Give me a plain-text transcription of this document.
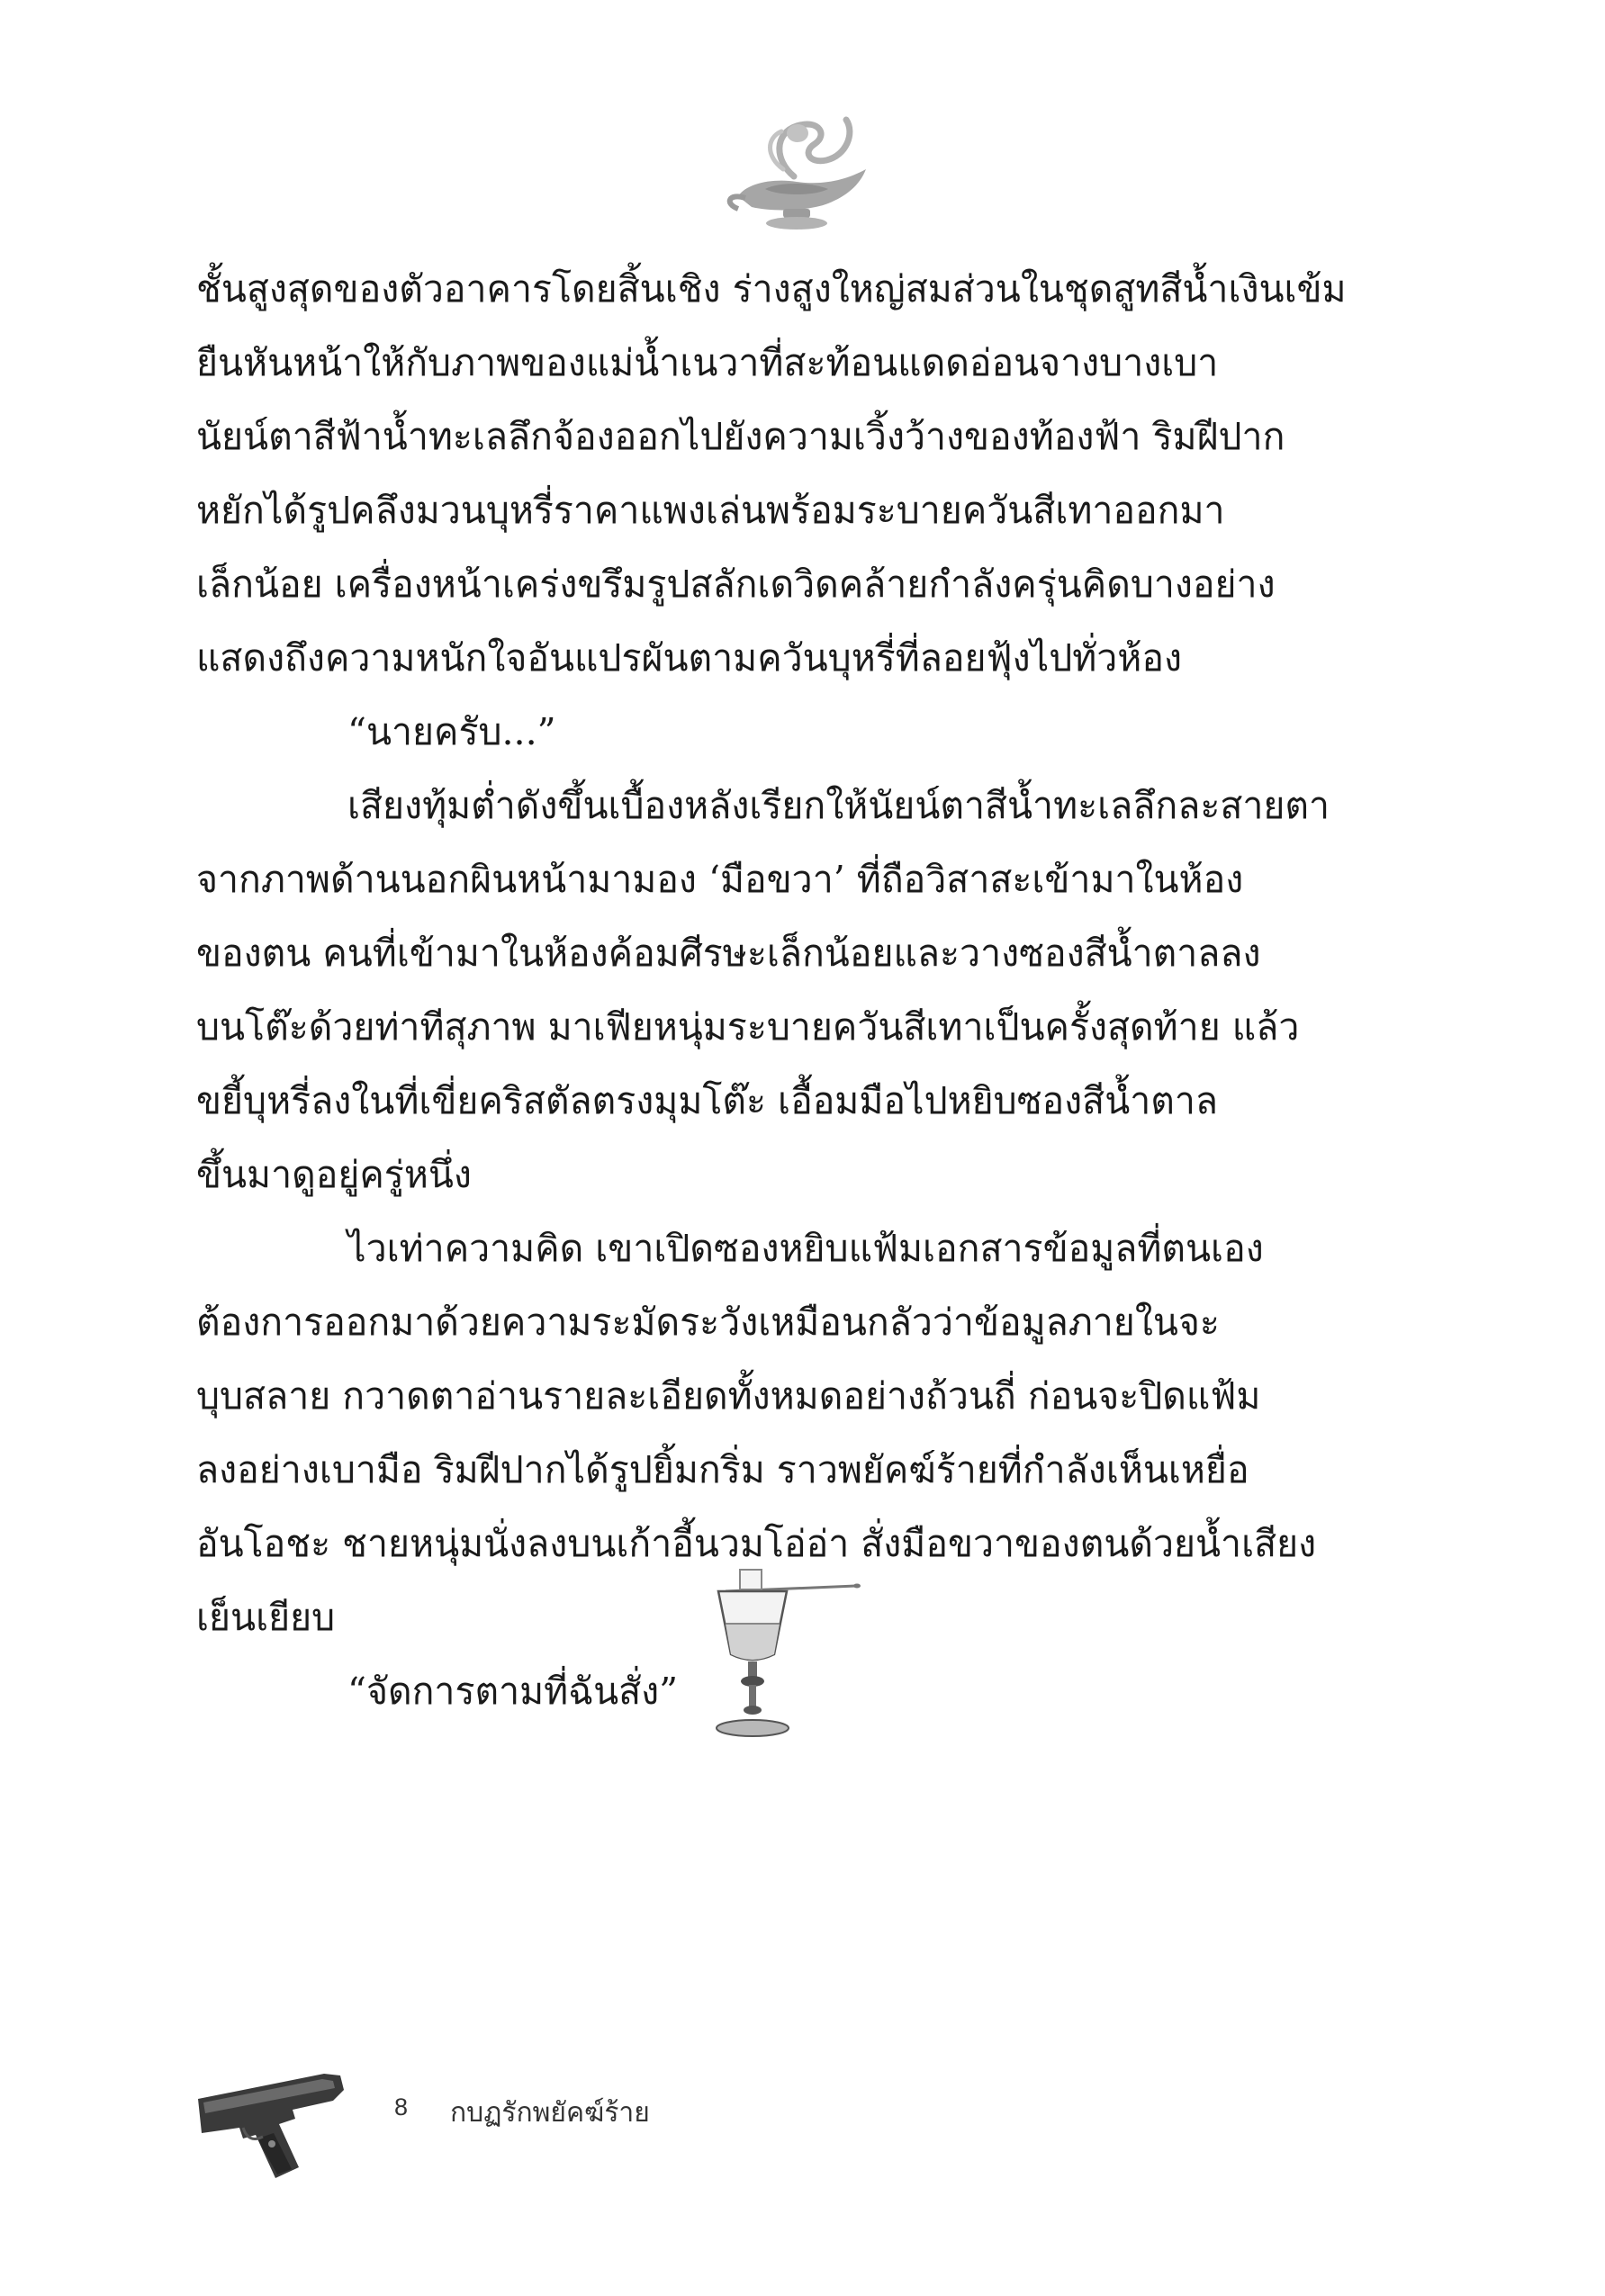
ชั้นสูงสุดของตัวอาคารโดยสิ้นเชิง ร่างสูงใหญ่สมส่วนในชุดสูทสีน้ำเงินเข้ม
ยืนหันหน้าให้กับภาพของแม่น้ำเนวาที่สะท้อนแดดอ่อนจางบางเบา
นัยน์ตาสีฟ้าน้ำทะเลลึกจ้องออกไปยังความเวิ้งว้างของท้องฟ้า ริมฝีปาก
หยักได้รูปคลึงมวนบุหรี่ราคาแพงเล่นพร้อมระบายควันสีเทาออกมา
เล็กน้อย เครื่องหน้าเคร่งขรึมรูปสลักเดวิดคล้ายกำลังครุ่นคิดบางอย่าง
แสดงถึงความหนักใจอันแปรผันตามควันบุหรี่ที่ลอยฟุ้งไปทั่วห้อง
“นายครับ...”
เสียงทุ้มต่ำดังขึ้นเบื้องหลังเรียกให้นัยน์ตาสีน้ำทะเลลึกละสายตา
จากภาพด้านนอกผินหน้ามามอง ‘มือขวา’ ที่ถือวิสาสะเข้ามาในห้อง
ของตน คนที่เข้ามาในห้องค้อมศีรษะเล็กน้อยและวางซองสีน้ำตาลลง
บนโต๊ะด้วยท่าทีสุภาพ มาเฟียหนุ่มระบายควันสีเทาเป็นครั้งสุดท้าย แล้ว
ขยี้บุหรี่ลงในที่เขี่ยคริสตัลตรงมุมโต๊ะ เอื้อมมือไปหยิบซองสีน้ำตาล
ขึ้นมาดูอยู่ครู่หนึ่ง
ไวเท่าความคิด เขาเปิดซองหยิบแฟ้มเอกสารข้อมูลที่ตนเอง
ต้องการออกมาด้วยความระมัดระวังเหมือนกลัวว่าข้อมูลภายในจะ
บุบสลาย กวาดตาอ่านรายละเอียดทั้งหมดอย่างถ้วนถี่ ก่อนจะปิดแฟ้ม
ลงอย่างเบามือ ริมฝีปากได้รูปยิ้มกริ่ม ราวพยัคฆ์ร้ายที่กำลังเห็นเหยื่อ
อันโอชะ ชายหนุ่มนั่งลงบนเก้าอี้นวมโอ่อ่า สั่งมือขวาของตนด้วยน้ำเสียง
เย็นเยียบ
“จัดการตามที่ฉันสั่ง”
8 กบฏรักพยัคฆ์ร้าย
